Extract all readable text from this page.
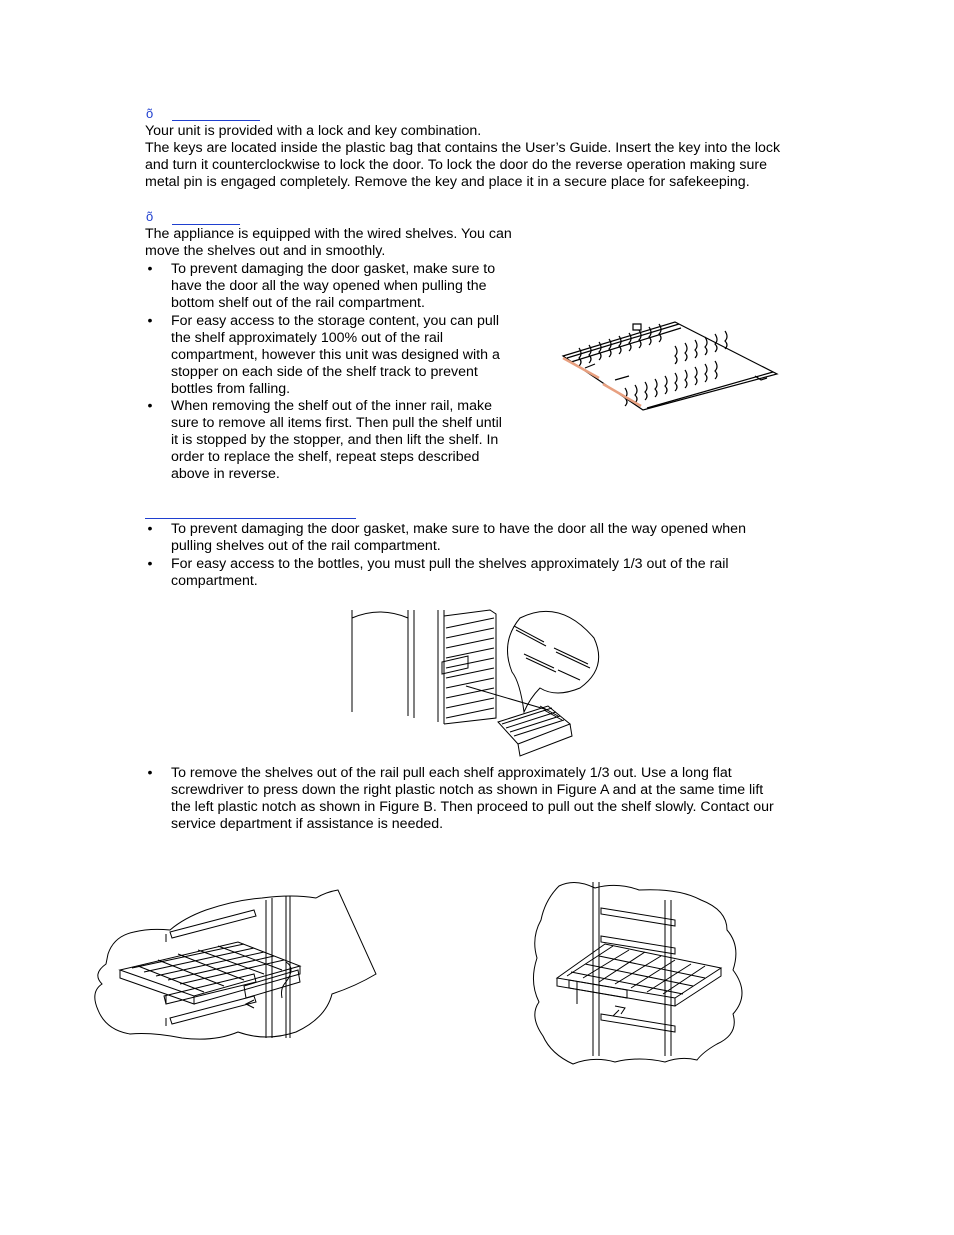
õ
Your unit is provided with a lock and key combination.
The keys are located inside the plastic bag that contains the User’s Guide. Insert the key into the lock
and turn it counterclockwise to lock the door. To lock the door do the reverse operation making sure
metal pin is engaged completely. Remove the key and place it in a secure place for safekeeping.
õ
The appliance is equipped with the wired shelves. You can
move the shelves out and in smoothly.
• To prevent damaging the door gasket, make sure to
have the door all the way opened when pulling the
bottom shelf out of the rail compartment.
• For easy access to the storage content, you can pull
the shelf approximately 100% out of the rail
compartment, however this unit was designed with a
stopper on each side of the shelf track to prevent
bottles from falling.
• When removing the shelf out of the inner rail, make
sure to remove all items first. Then pull the shelf until
it is stopped by the stopper, and then lift the shelf. In
order to replace the shelf, repeat steps described
above in reverse.
• To prevent damaging the door gasket, make sure to have the door all the way opened when
pulling shelves out of the rail compartment.
• For easy access to the bottles, you must pull the shelves approximately 1/3 out of the rail
compartment.
• To remove the shelves out of the rail pull each shelf approximately 1/3 out. Use a long flat
screwdriver to press down the right plastic notch as shown in Figure A and at the same time lift
the left plastic notch as shown in Figure B. Then proceed to pull out the shelf slowly. Contact our
service department if assistance is needed.
